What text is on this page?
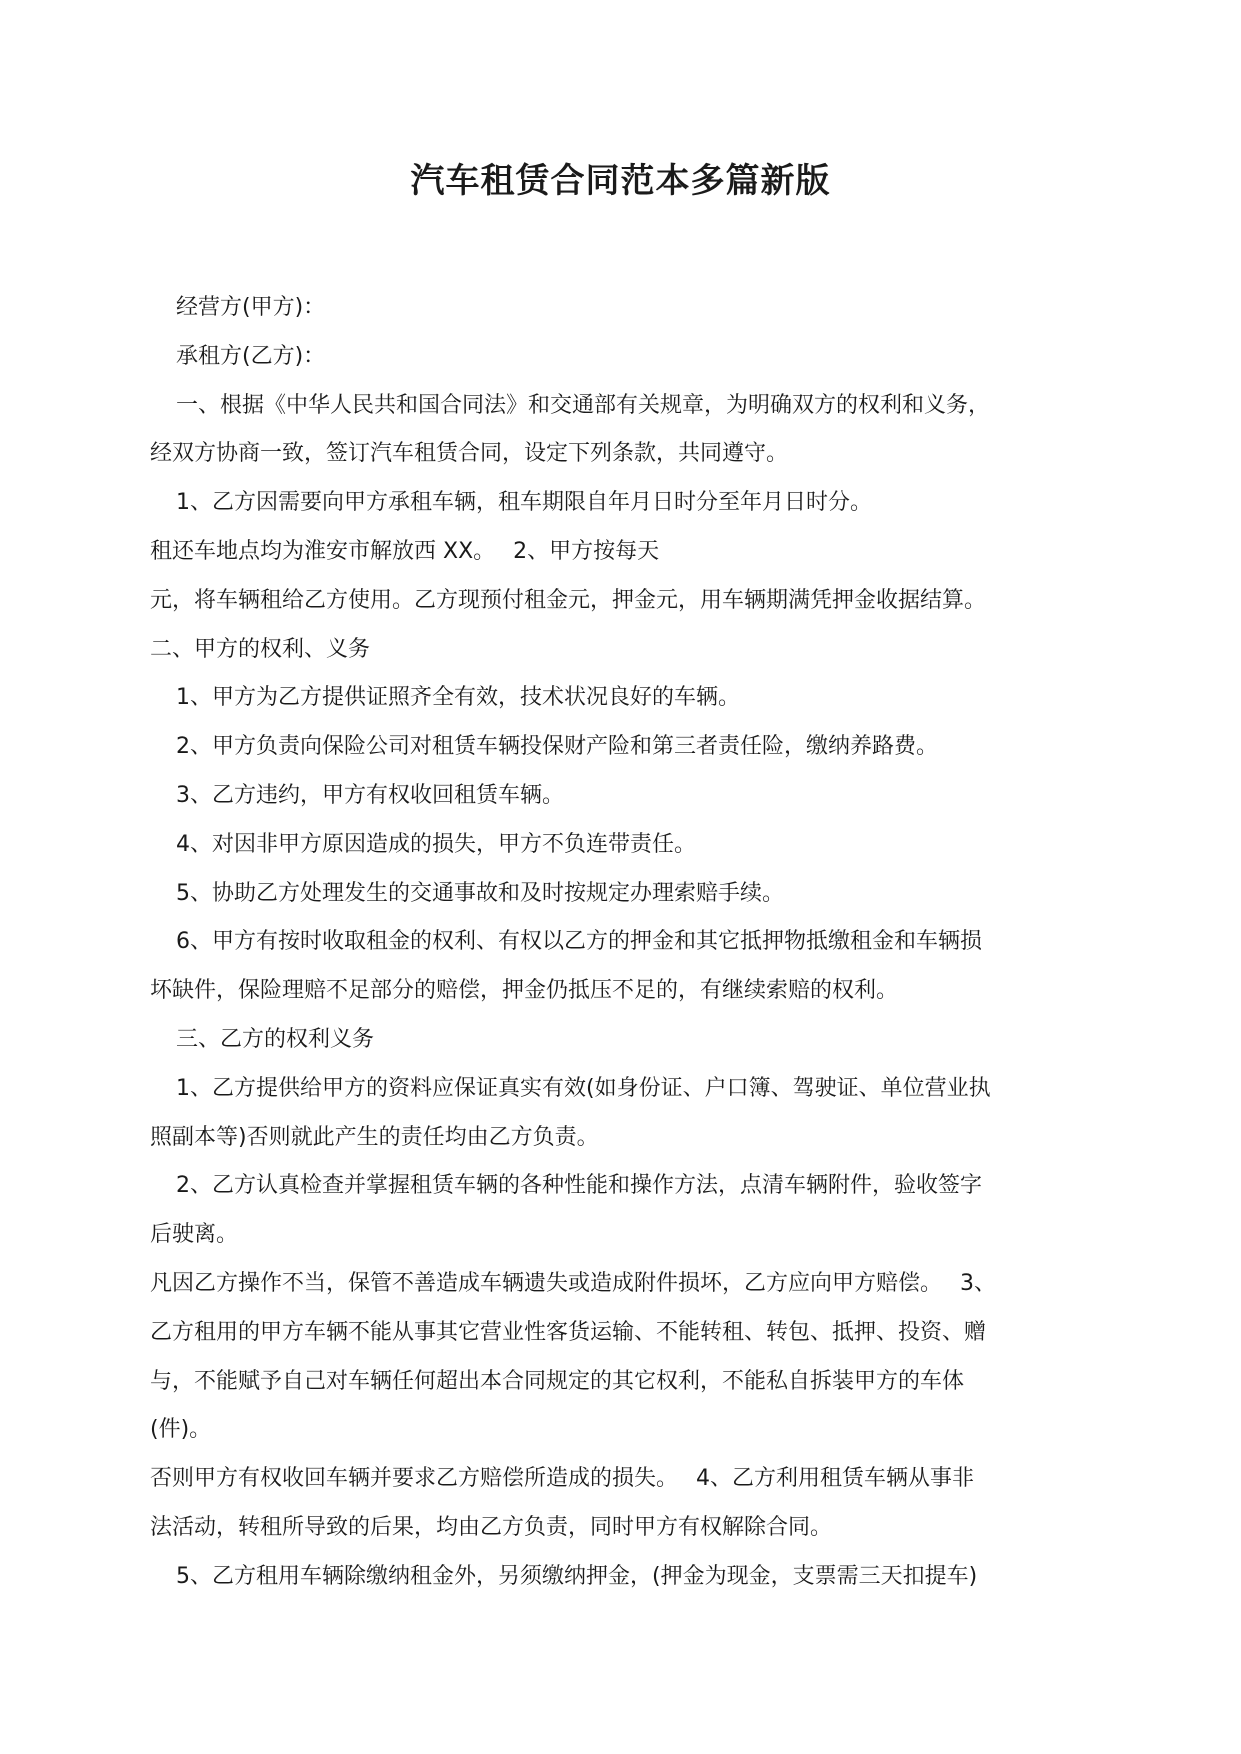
汽车租赁合同范本多篇新版

经营方(甲方)：

承租方(乙方)：

一、根据《中华人民共和国合同法》和交通部有关规章，为明确双方的权利和义务，

经双方协商一致，签订汽车租赁合同，设定下列条款，共同遵守。

1、乙方因需要向甲方承租车辆，租车期限自年月日时分至年月日时分。

租还车地点均为淮安市解放西 XX。　 2、甲方按每天

元，将车辆租给乙方使用。乙方现预付租金元，押金元，用车辆期满凭押金收据结算。

二、甲方的权利、义务

1、甲方为乙方提供证照齐全有效，技术状况良好的车辆。

2、甲方负责向保险公司对租赁车辆投保财产险和第三者责任险，缴纳养路费。

3、乙方违约，甲方有权收回租赁车辆。

4、对因非甲方原因造成的损失，甲方不负连带责任。

5、协助乙方处理发生的交通事故和及时按规定办理索赔手续。

6、甲方有按时收取租金的权利、有权以乙方的押金和其它抵押物抵缴租金和车辆损

坏缺件，保险理赔不足部分的赔偿，押金仍抵压不足的，有继续索赔的权利。

三、乙方的权利义务

1、乙方提供给甲方的资料应保证真实有效(如身份证、户口簿、驾驶证、单位营业执

照副本等)否则就此产生的责任均由乙方负责。

2、乙方认真检查并掌握租赁车辆的各种性能和操作方法，点清车辆附件，验收签字

后驶离。

凡因乙方操作不当，保管不善造成车辆遗失或造成附件损坏，乙方应向甲方赔偿。　 3、

乙方租用的甲方车辆不能从事其它营业性客货运输、不能转租、转包、抵押、投资、赠

与，不能赋予自己对车辆任何超出本合同规定的其它权利，不能私自拆装甲方的车体

(件)。

否则甲方有权收回车辆并要求乙方赔偿所造成的损失。　 4、乙方利用租赁车辆从事非

法活动，转租所导致的后果，均由乙方负责，同时甲方有权解除合同。

5、乙方租用车辆除缴纳租金外，另须缴纳押金，(押金为现金，支票需三天扣提车)
